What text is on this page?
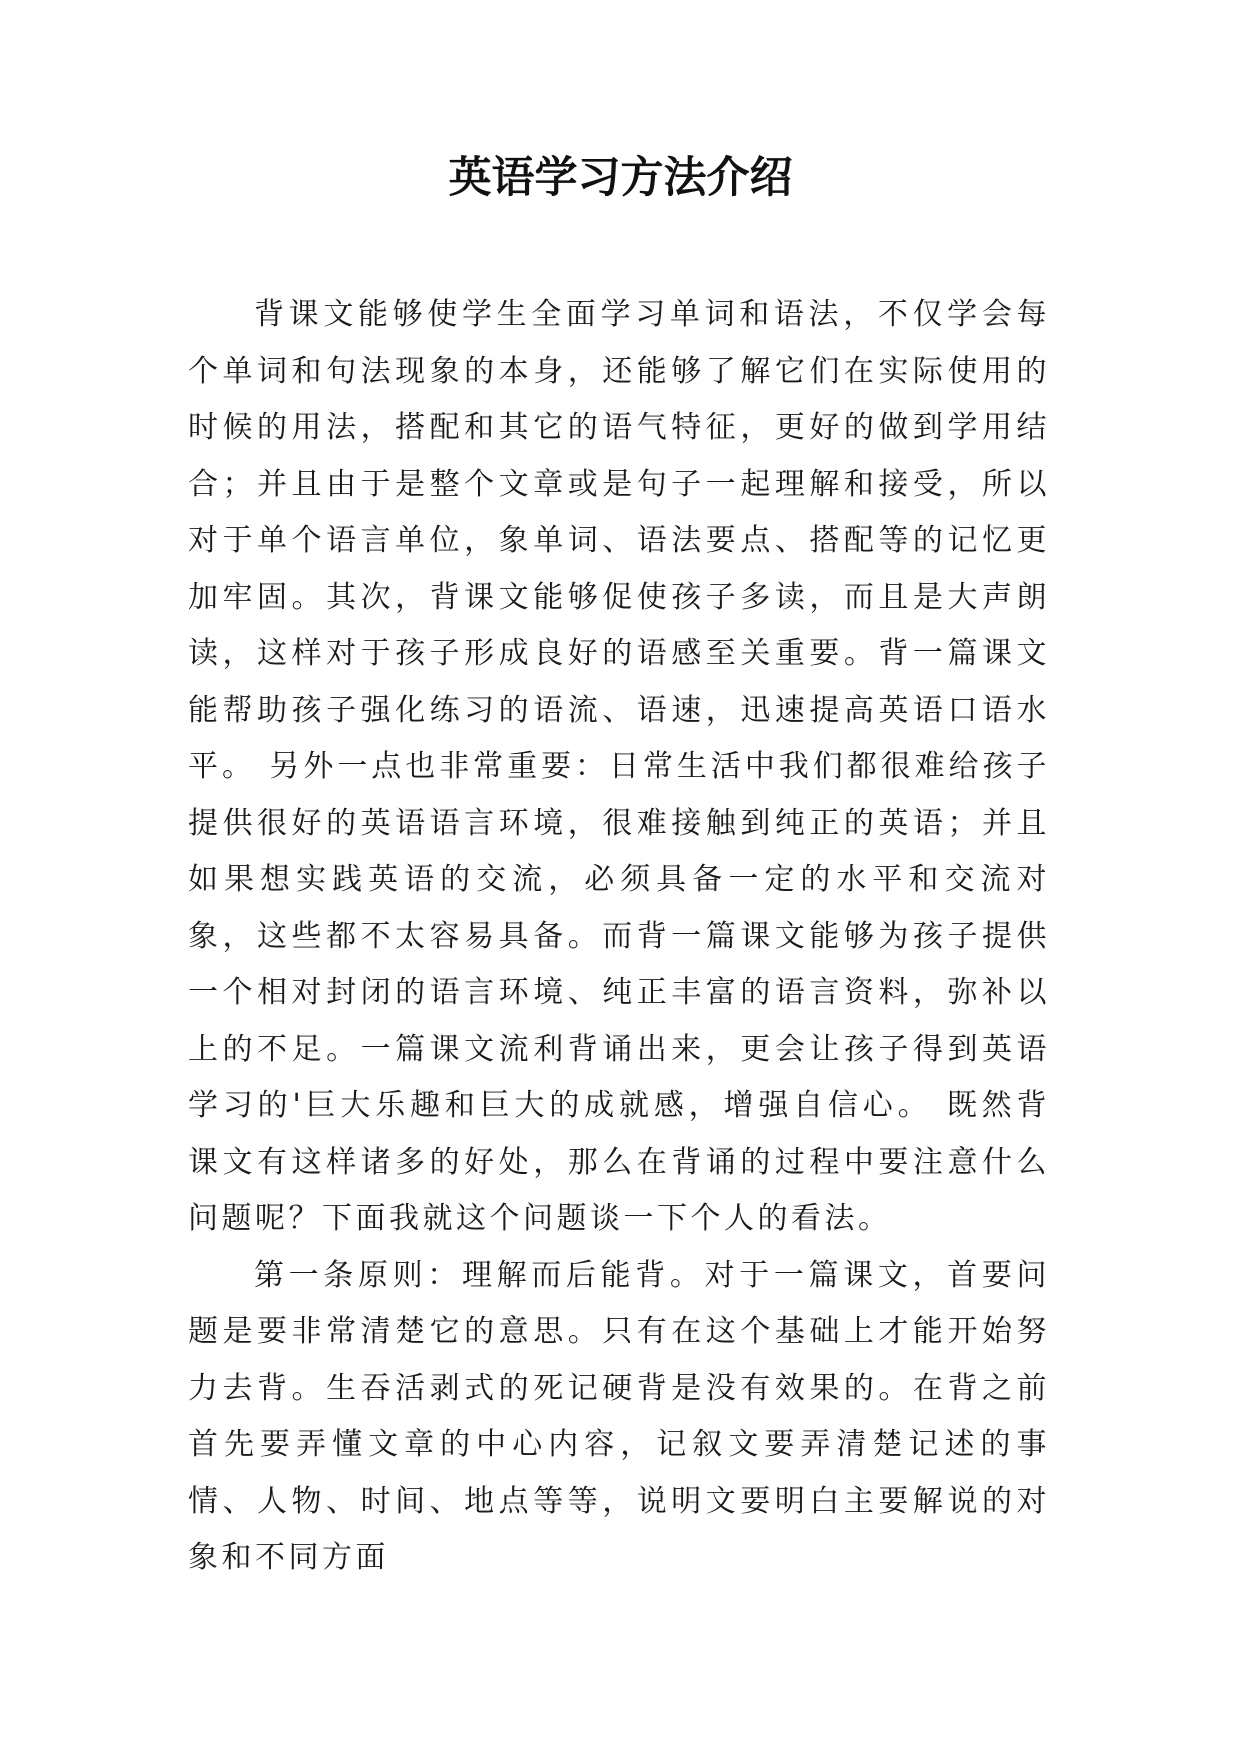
英语学习方法介绍

背课文能够使学生全面学习单词和语法，不仅学会每个单词和句法现象的本身，还能够了解它们在实际使用的时候的用法，搭配和其它的语气特征，更好的做到学用结合；并且由于是整个文章或是句子一起理解和接受，所以对于单个语言单位，象单词、语法要点、搭配等的记忆更加牢固。其次，背课文能够促使孩子多读，而且是大声朗读，这样对于孩子形成良好的语感至关重要。背一篇课文能帮助孩子强化练习的语流、语速，迅速提高英语口语水平。 另外一点也非常重要：日常生活中我们都很难给孩子提供很好的英语语言环境，很难接触到纯正的英语；并且如果想实践英语的交流，必须具备一定的水平和交流对象，这些都不太容易具备。而背一篇课文能够为孩子提供一个相对封闭的语言环境、纯正丰富的语言资料，弥补以上的不足。一篇课文流利背诵出来，更会让孩子得到英语学习的'巨大乐趣和巨大的成就感，增强自信心。 既然背课文有这样诸多的好处，那么在背诵的过程中要注意什么问题呢？下面我就这个问题谈一下个人的看法。

第一条原则：理解而后能背。对于一篇课文，首要问题是要非常清楚它的意思。只有在这个基础上才能开始努力去背。生吞活剥式的死记硬背是没有效果的。在背之前首先要弄懂文章的中心内容，记叙文要弄清楚记述的事情、人物、时间、地点等等，说明文要明白主要解说的对象和不同方面
